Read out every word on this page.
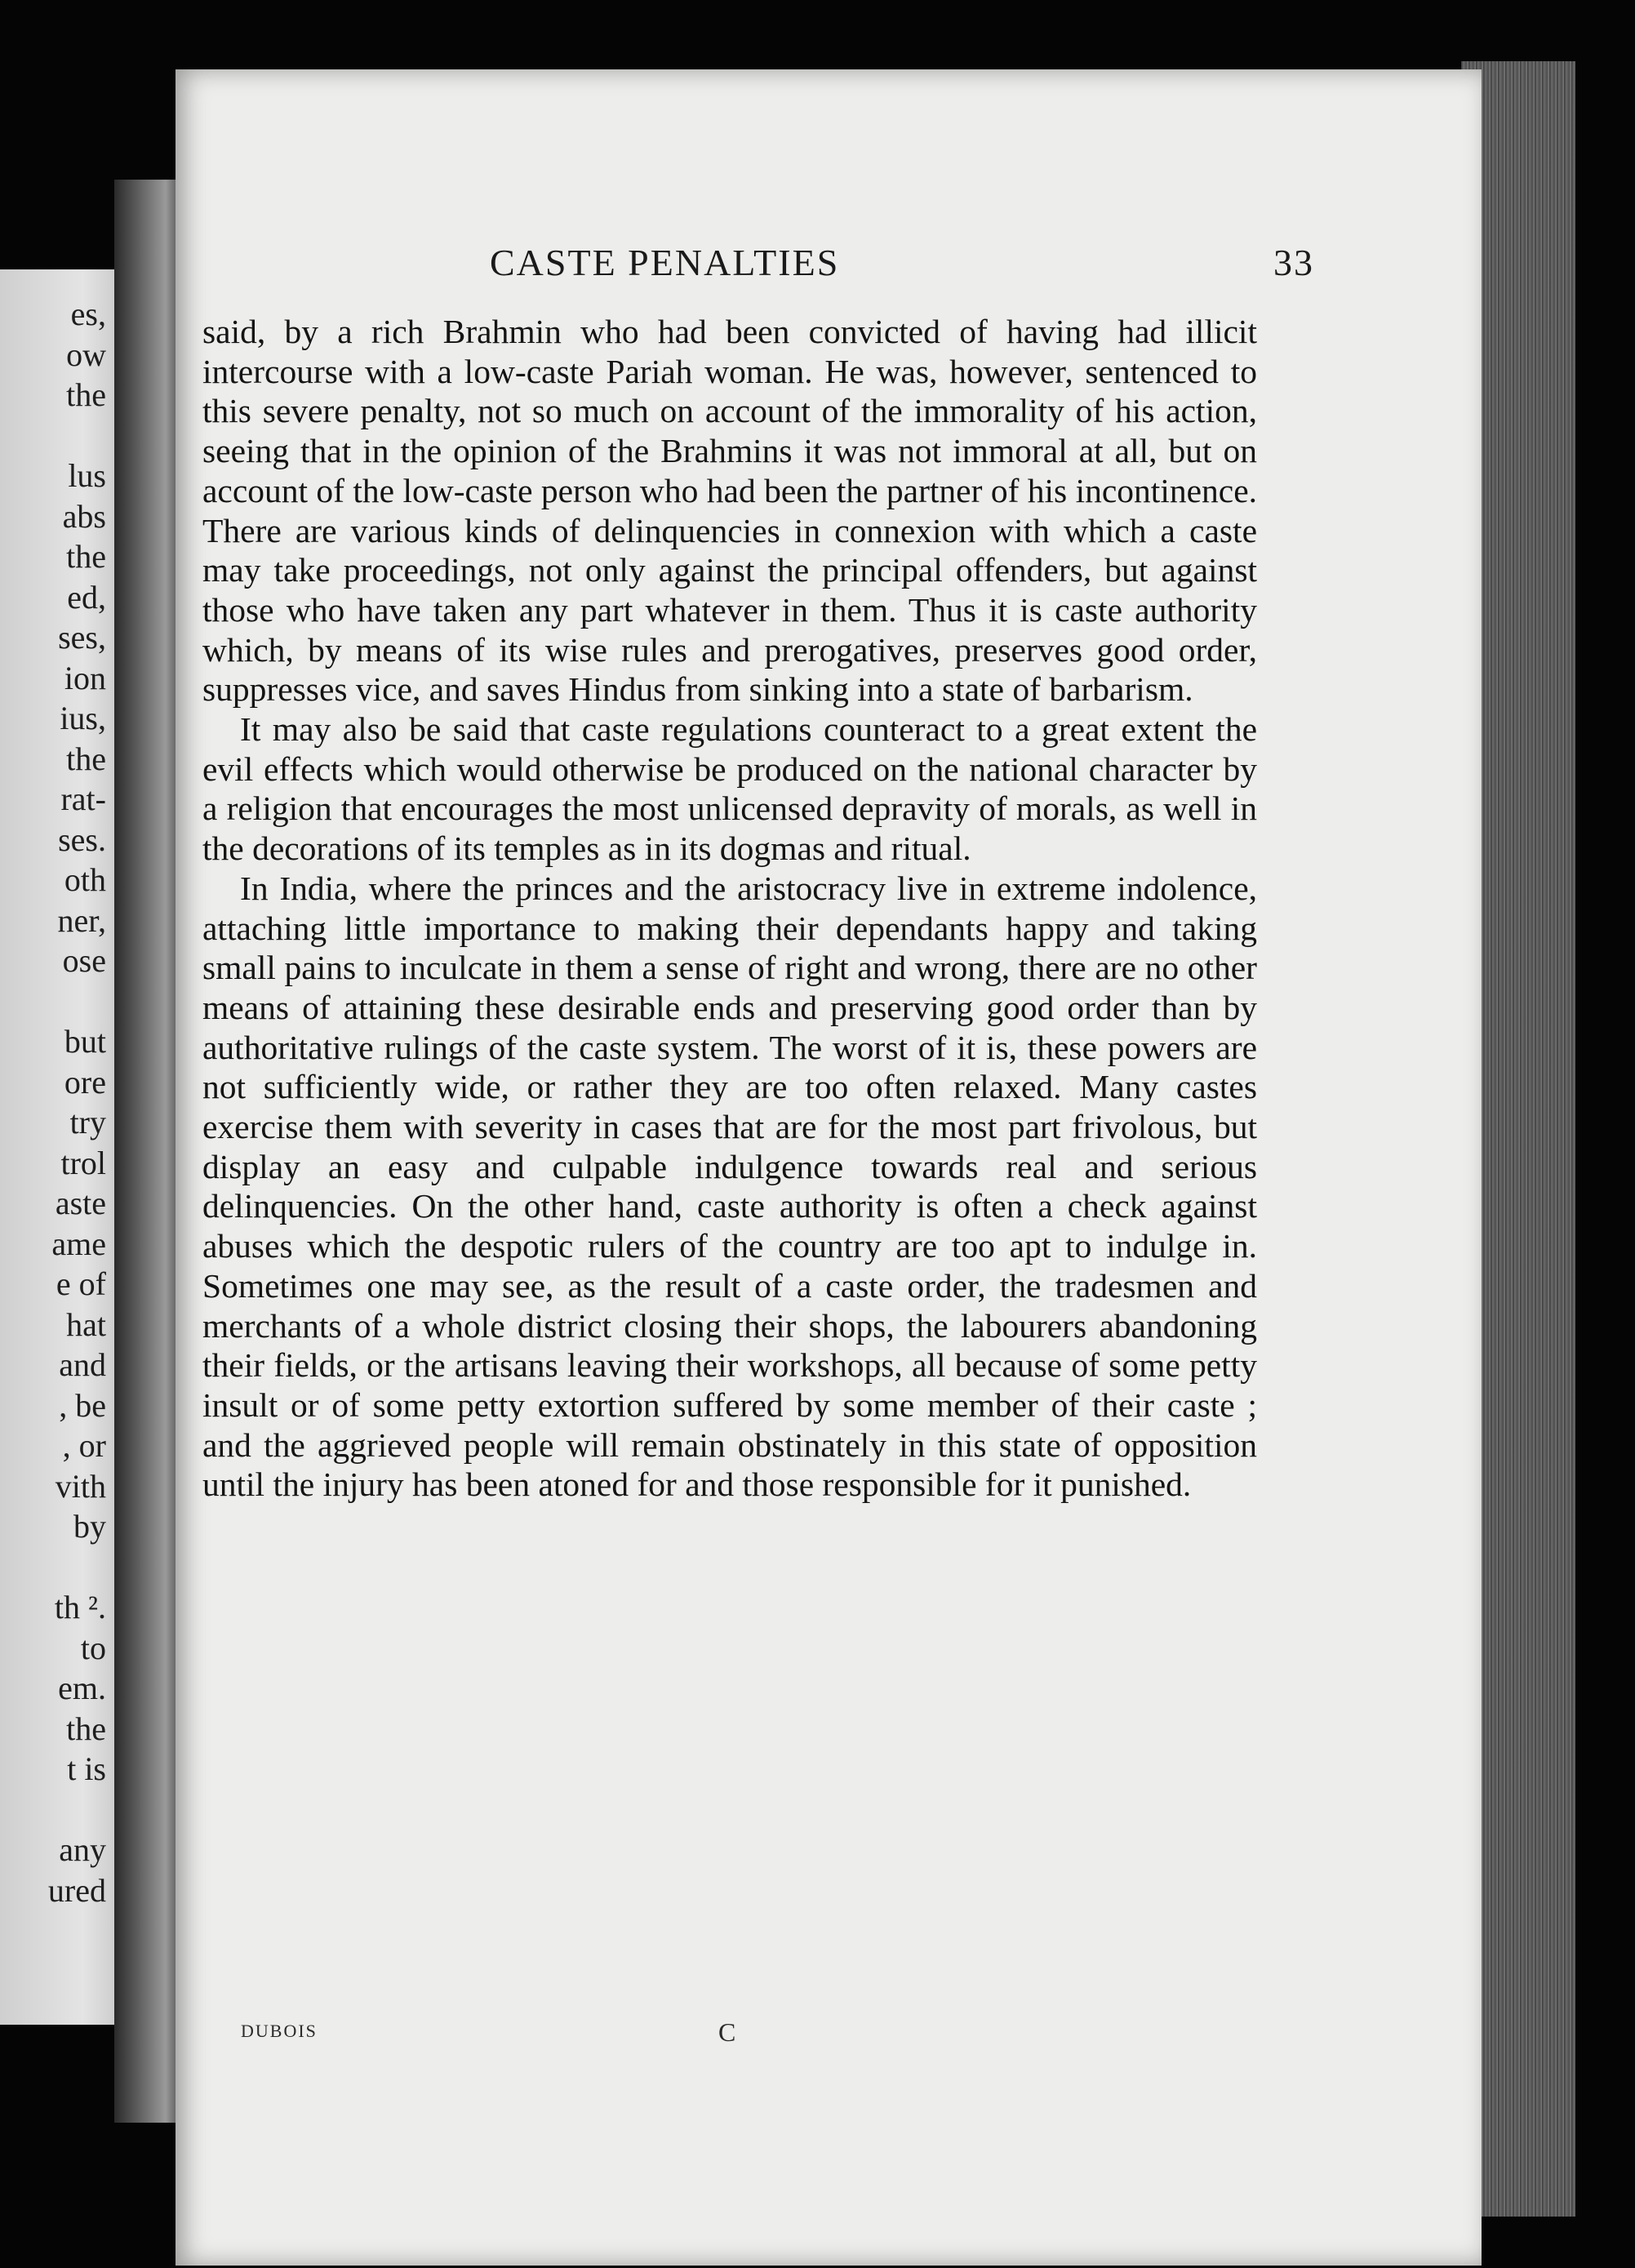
es,
ow
the
lus
abs
the
ed,
ses,
ion
ius,
the
rat-
ses.
oth
ner,
ose
but
ore
try
trol
aste
ame
e of
hat
and
, be
, or
vith
by
th ².
to
em.
the
t is
any
ured
CASTE PENALTIES	33

said, by a rich Brahmin who had been convicted of having had illicit intercourse with a low-caste Pariah woman. He was, however, sentenced to this severe penalty, not so much on account of the immorality of his action, seeing that in the opinion of the Brahmins it was not immoral at all, but on account of the low-caste person who had been the partner of his incontinence. There are various kinds of delinquencies in connexion with which a caste may take proceedings, not only against the principal offenders, but against those who have taken any part whatever in them. Thus it is caste authority which, by means of its wise rules and prerogatives, preserves good order, suppresses vice, and saves Hindus from sinking into a state of barbarism.

It may also be said that caste regulations counteract to a great extent the evil effects which would otherwise be produced on the national character by a religion that encourages the most unlicensed depravity of morals, as well in the decorations of its temples as in its dogmas and ritual.

In India, where the princes and the aristocracy live in extreme indolence, attaching little importance to making their dependants happy and taking small pains to inculcate in them a sense of right and wrong, there are no other means of attaining these desirable ends and preserving good order than by authoritative rulings of the caste system. The worst of it is, these powers are not sufficiently wide, or rather they are too often relaxed. Many castes exercise them with severity in cases that are for the most part frivolous, but display an easy and culpable indulgence towards real and serious delinquencies. On the other hand, caste authority is often a check against abuses which the despotic rulers of the country are too apt to indulge in. Sometimes one may see, as the result of a caste order, the tradesmen and merchants of a whole district closing their shops, the labourers abandoning their fields, or the artisans leaving their workshops, all because of some petty insult or of some petty extortion suffered by some member of their caste ; and the aggrieved people will remain obstinately in this state of opposition until the injury has been atoned for and those responsible for it punished.

DUBOIS	C
